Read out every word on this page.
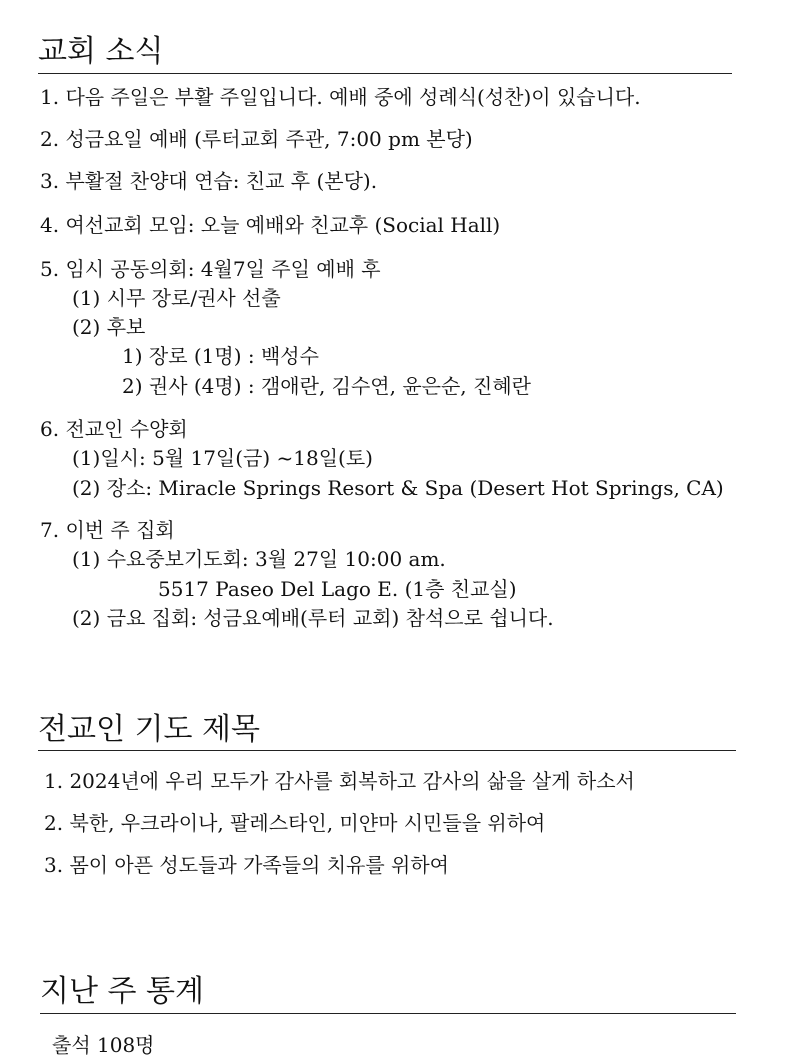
교회 소식
1. 다음 주일은 부활 주일입니다. 예배 중에 성례식(성찬)이 있습니다.
2. 성금요일 예배 (루터교회 주관, 7:00 pm 본당)
3. 부활절 찬양대 연습: 친교 후 (본당).
4. 여선교회 모임: 오늘 예배와 친교후 (Social Hall)
5. 임시 공동의회: 4월7일 주일 예배 후
(1) 시무 장로/권사 선출
(2) 후보
1) 장로 (1명) : 백성수
2) 권사 (4명) : 갬애란, 김수연, 윤은순, 진혜란
6. 전교인 수양회
(1)일시: 5월 17일(금) ~18일(토)
(2) 장소: Miracle Springs Resort & Spa (Desert Hot Springs, CA)
7. 이번 주 집회
(1) 수요중보기도회: 3월 27일 10:00 am.
5517 Paseo Del Lago E. (1층 친교실)
(2) 금요 집회: 성금요예배(루터 교회) 참석으로 쉽니다.
전교인 기도 제목
1. 2024년에 우리 모두가 감사를 회복하고 감사의 삶을 살게 하소서
2. 북한, 우크라이나, 팔레스타인, 미얀마 시민들을 위하여
3. 몸이 아픈 성도들과 가족들의 치유를 위하여
지난 주 통계
출석 108명
